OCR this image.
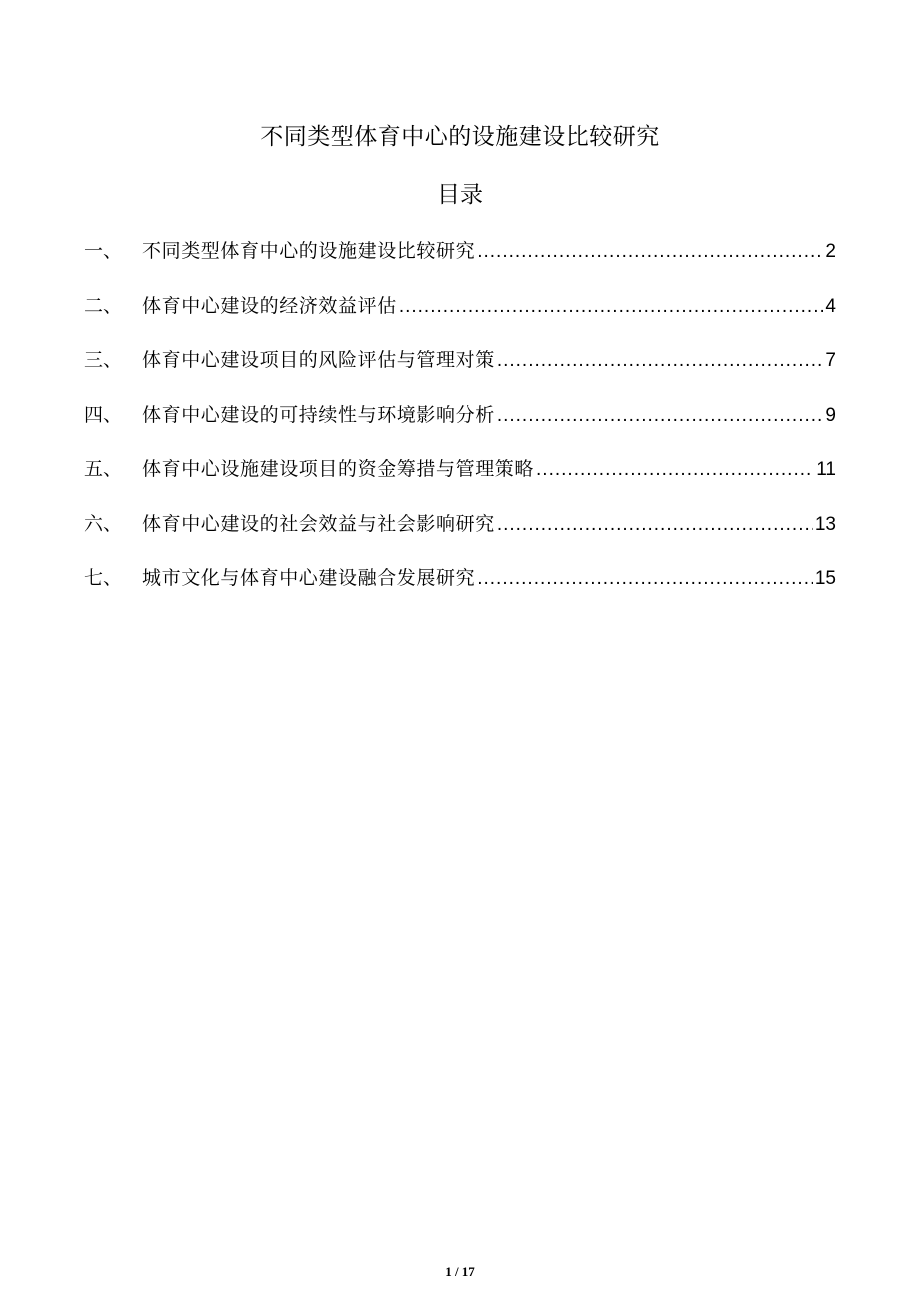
不同类型体育中心的设施建设比较研究
目录
一、	不同类型体育中心的设施建设比较研究 .....	2
二、	体育中心建设的经济效益评估 .....	4
三、	体育中心建设项目的风险评估与管理对策 .....	7
四、	体育中心建设的可持续性与环境影响分析 .....	9
五、	体育中心设施建设项目的资金筹措与管理策略 .....	11
六、	体育中心建设的社会效益与社会影响研究 .....	13
七、	城市文化与体育中心建设融合发展研究 .....	15
1 / 17
